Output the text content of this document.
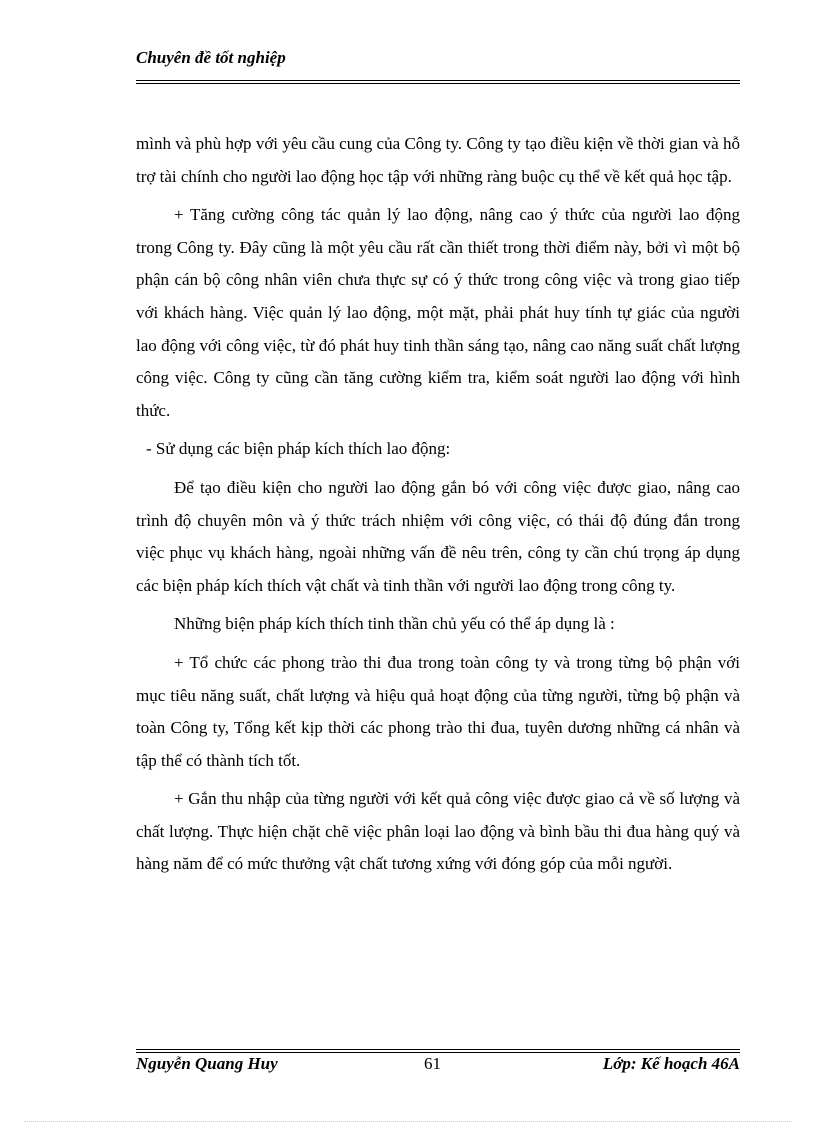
Chuyên đề tốt nghiệp

mình và phù hợp với yêu cầu cung của Công ty. Công ty tạo điều kiện về thời gian và hỗ trợ tài chính cho người lao động học tập với những ràng buộc cụ thể về kết quả học tập.

+ Tăng cường công tác quản lý lao động, nâng cao ý thức của người lao động trong Công ty. Đây cũng là một yêu cầu rất cần thiết trong thời điểm này, bởi vì một bộ phận cán bộ công nhân viên chưa thực sự có ý thức trong công việc và trong giao tiếp với khách hàng. Việc quản lý lao động, một mặt, phải phát huy tính tự giác của người lao động với công việc, từ đó phát huy tinh thần sáng tạo, nâng cao năng suất chất lượng công việc. Công ty cũng cần tăng cường kiểm tra, kiểm soát người lao động với hình thức.

- Sử dụng các biện pháp kích thích lao động:

Để tạo điều kiện cho người lao động gắn bó với công việc được giao, nâng cao trình độ chuyên môn và ý thức trách nhiệm với công việc, có thái độ đúng đắn trong việc phục vụ khách hàng, ngoài những vấn đề nêu trên, công ty cần chú trọng áp dụng các biện pháp kích thích vật chất và tinh thần với người lao động trong công ty.

Những biện pháp kích thích tinh thần chủ yếu có thể áp dụng là :

+ Tổ chức các phong trào thi đua trong toàn công ty và trong từng bộ phận với mục tiêu năng suất, chất lượng và hiệu quả hoạt động của từng người, từng bộ phận và toàn Công ty, Tổng kết kịp thời các phong trào thi đua, tuyên dương những cá nhân và tập thể có thành tích tốt.

+ Gắn thu nhập của từng người với kết quả công việc được giao cả về số lượng và chất lượng. Thực hiện chặt chẽ việc phân loại lao động và bình bầu thi đua hàng quý và hàng năm để có mức thưởng vật chất tương xứng với đóng góp của mỗi người.

Nguyễn Quang Huy	61	Lớp: Kế hoạch 46A
